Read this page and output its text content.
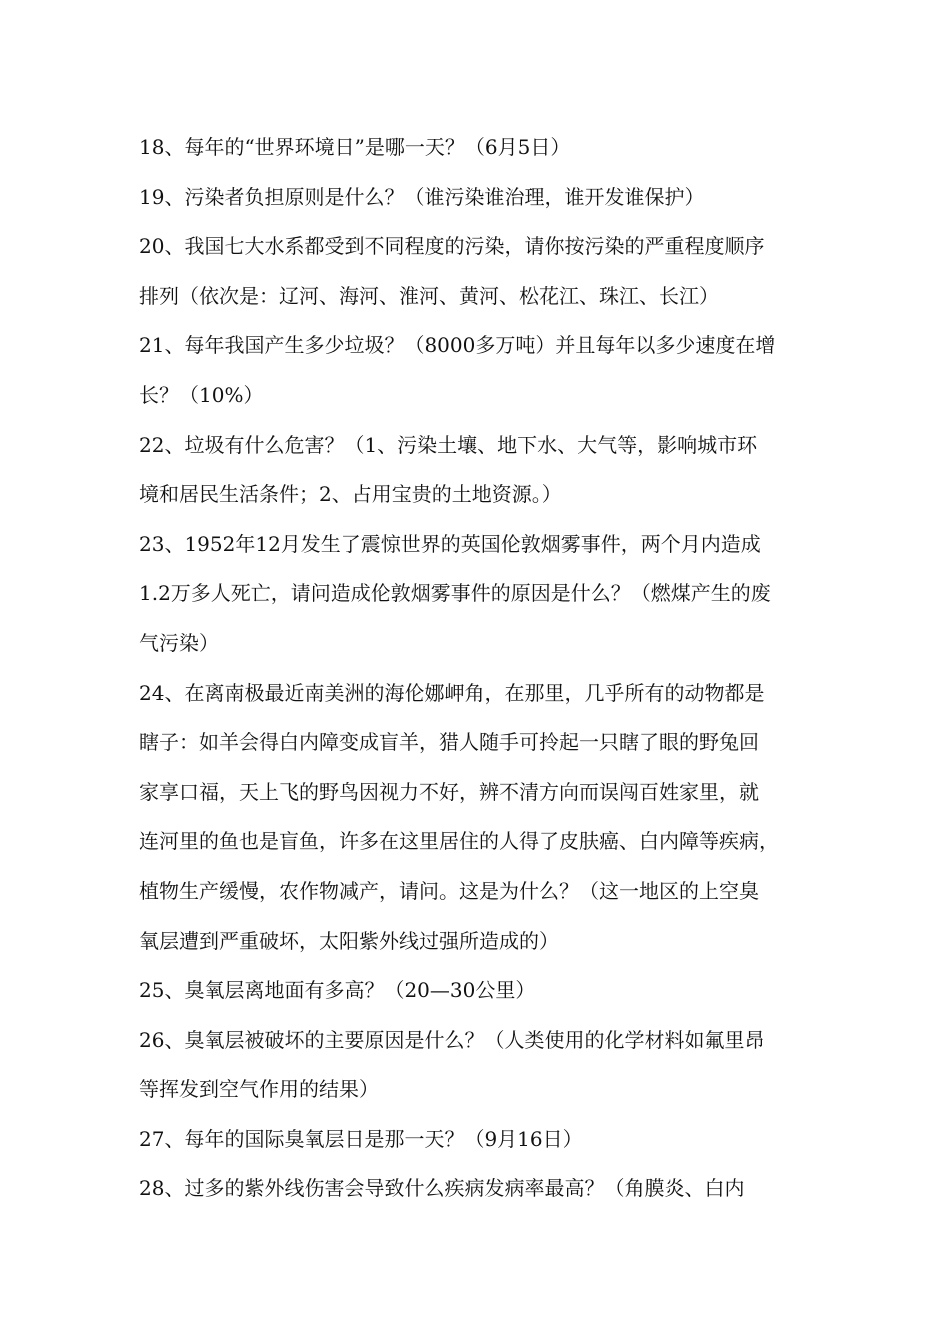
18、每年的“世界环境日”是哪一天？（6月5日）

19、污染者负担原则是什么？（谁污染谁治理，谁开发谁保护）

20、我国七大水系都受到不同程度的污染，请你按污染的严重程度顺序
排列（依次是：辽河、海河、淮河、黄河、松花江、珠江、长江）

21、每年我国产生多少垃圾？（8000多万吨）并且每年以多少速度在增
长？（10%）

22、垃圾有什么危害？（1、污染土壤、地下水、大气等，影响城市环
境和居民生活条件；2、占用宝贵的土地资源。）

23、1952年12月发生了震惊世界的英国伦敦烟雾事件，两个月内造成
1.2万多人死亡，请问造成伦敦烟雾事件的原因是什么？（燃煤产生的废
气污染）

24、在离南极最近南美洲的海伦娜岬角，在那里，几乎所有的动物都是
瞎子：如羊会得白内障变成盲羊，猎人随手可拎起一只瞎了眼的野兔回
家享口福，天上飞的野鸟因视力不好，辨不清方向而误闯百姓家里，就
连河里的鱼也是盲鱼，许多在这里居住的人得了皮肤癌、白内障等疾病，
植物生产缓慢，农作物减产，请问。这是为什么？（这一地区的上空臭
氧层遭到严重破坏，太阳紫外线过强所造成的）

25、臭氧层离地面有多高？（20—30公里）

26、臭氧层被破坏的主要原因是什么？（人类使用的化学材料如氟里昂
等挥发到空气作用的结果）

27、每年的国际臭氧层日是那一天？（9月16日）

28、过多的紫外线伤害会导致什么疾病发病率最高？（角膜炎、白内
